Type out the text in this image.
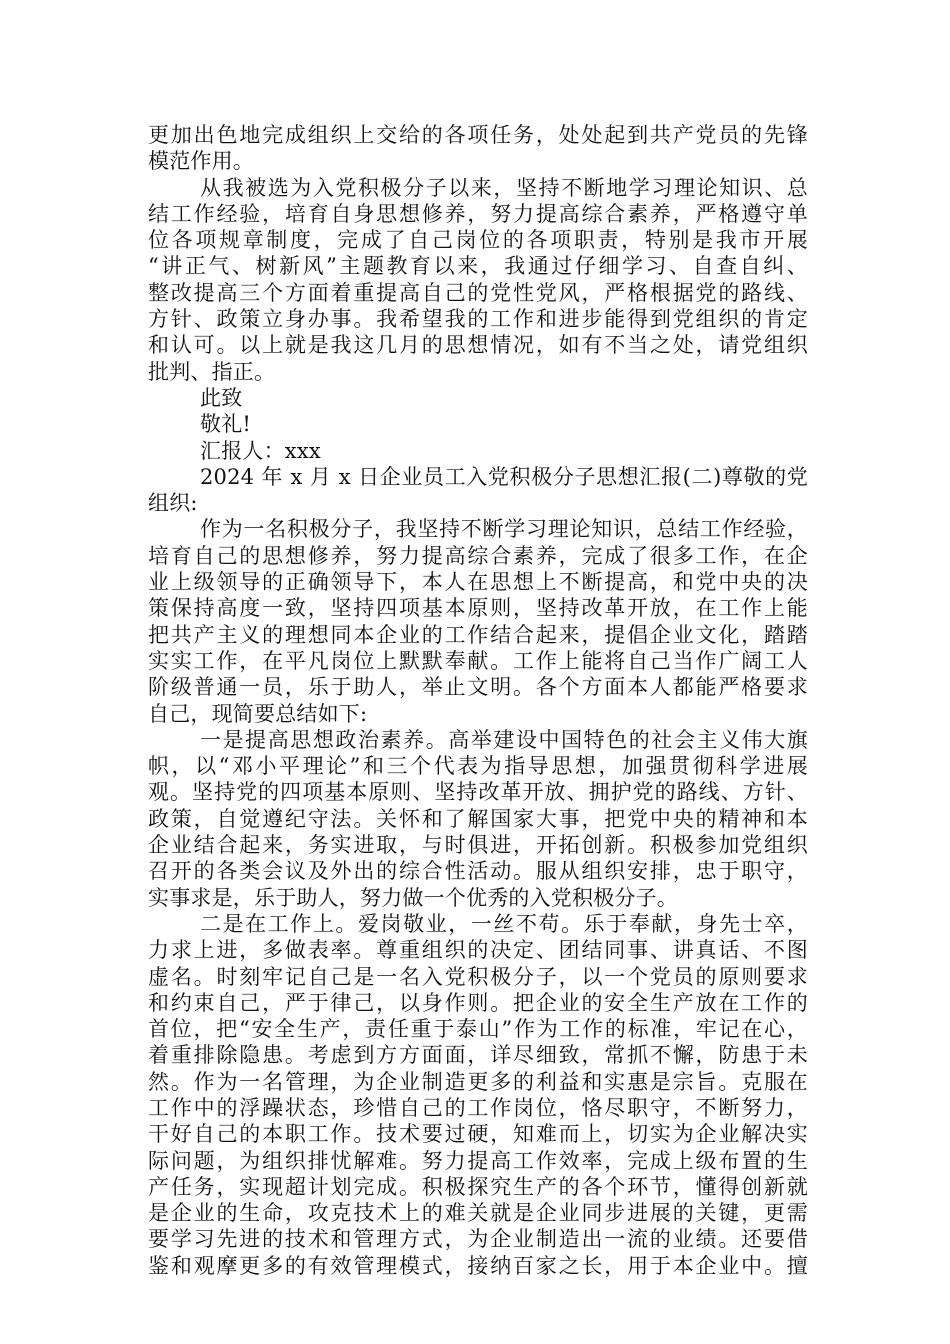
更加出色地完成组织上交给的各项任务，处处起到共产党员的先锋
模范作用。
从我被选为入党积极分子以来，坚持不断地学习理论知识、总
结工作经验，培育自身思想修养，努力提高综合素养，严格遵守单
位各项规章制度，完成了自己岗位的各项职责，特别是我市开展
“讲正气、树新风”主题教育以来，我通过仔细学习、自查自纠、
整改提高三个方面着重提高自己的党性党风，严格根据党的路线、
方针、政策立身办事。我希望我的工作和进步能得到党组织的肯定
和认可。以上就是我这几月的思想情况，如有不当之处，请党组织
批判、指正。
此致
敬礼!
汇报人：xxx
2024 年 x 月 x 日企业员工入党积极分子思想汇报(二)尊敬的党
组织:
作为一名积极分子，我坚持不断学习理论知识，总结工作经验，
培育自己的思想修养，努力提高综合素养，完成了很多工作，在企
业上级领导的正确领导下，本人在思想上不断提高，和党中央的决
策保持高度一致，坚持四项基本原则，坚持改革开放，在工作上能
把共产主义的理想同本企业的工作结合起来，提倡企业文化，踏踏
实实工作，在平凡岗位上默默奉献。工作上能将自己当作广阔工人
阶级普通一员，乐于助人，举止文明。各个方面本人都能严格要求
自己，现简要总结如下:
一是提高思想政治素养。高举建设中国特色的社会主义伟大旗
帜，以“邓小平理论”和三个代表为指导思想，加强贯彻科学进展
观。坚持党的四项基本原则、坚持改革开放、拥护党的路线、方针、
政策，自觉遵纪守法。关怀和了解国家大事，把党中央的精神和本
企业结合起来，务实进取，与时俱进，开拓创新。积极参加党组织
召开的各类会议及外出的综合性活动。服从组织安排，忠于职守，
实事求是，乐于助人，努力做一个优秀的入党积极分子。
二是在工作上。爱岗敬业，一丝不苟。乐于奉献，身先士卒，
力求上进，多做表率。尊重组织的决定、团结同事、讲真话、不图
虚名。时刻牢记自己是一名入党积极分子，以一个党员的原则要求
和约束自己，严于律己，以身作则。把企业的安全生产放在工作的
首位，把“安全生产，责任重于泰山”作为工作的标准，牢记在心，
着重排除隐患。考虑到方方面面，详尽细致，常抓不懈，防患于未
然。作为一名管理，为企业制造更多的利益和实惠是宗旨。克服在
工作中的浮躁状态，珍惜自己的工作岗位，恪尽职守，不断努力，
干好自己的本职工作。技术要过硬，知难而上，切实为企业解决实
际问题，为组织排忧解难。努力提高工作效率，完成上级布置的生
产任务，实现超计划完成。积极探究生产的各个环节，懂得创新就
是企业的生命，攻克技术上的难关就是企业同步进展的关键，更需
要学习先进的技术和管理方式，为企业制造出一流的业绩。还要借
鉴和观摩更多的有效管理模式，接纳百家之长，用于本企业中。擅
